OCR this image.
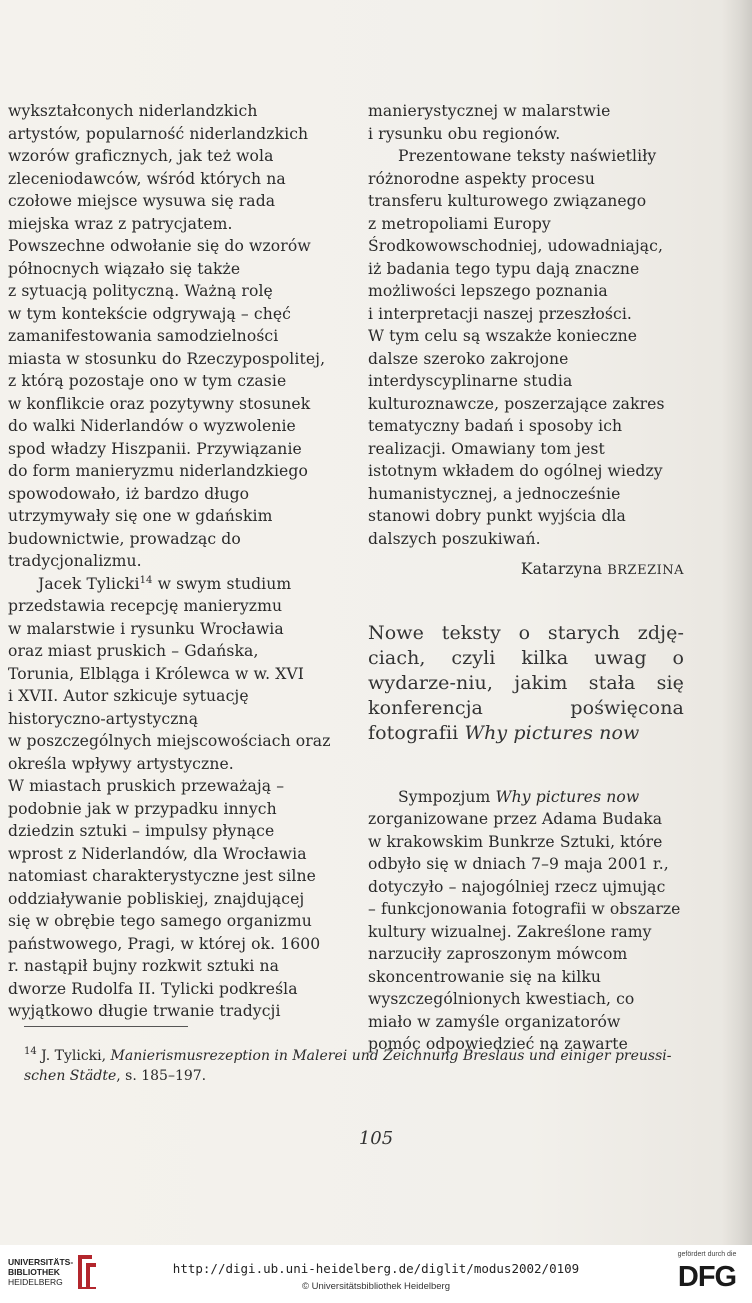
wykształconych niderlandzkich

artystów, popularność niderlandzkich

wzorów graficznych, jak też wola

zleceniodawców, wśród których na

czołowe miejsce wysuwa się rada

miejska wraz z patrycjatem.

Powszechne odwołanie się do wzorów

północnych wiązało się także

z sytuacją polityczną. Ważną rolę

w tym kontekście odgrywają – chęć

zamanifestowania samodzielności

miasta w stosunku do Rzeczypospolitej,

z którą pozostaje ono w tym czasie

w konflikcie oraz pozytywny stosunek

do walki Niderlandów o wyzwolenie

spod władzy Hiszpanii. Przywiązanie

do form manieryzmu niderlandzkiego

spowodowało, iż bardzo długo

utrzymywały się one w gdańskim

budownictwie, prowadząc do

tradycjonalizmu.

Jacek Tylicki$^{14}$ w swym studium

przedstawia recepcję manieryzmu

w malarstwie i rysunku Wrocławia

oraz miast pruskich – Gdańska,

Torunia, Elbląga i Królewca w w. XVI

i XVII. Autor szkicuje sytuację

historyczno-artystyczną

w poszczególnych miejscowościach oraz

określa wpływy artystyczne.

W miastach pruskich przeważają –

podobnie jak w przypadku innych

dziedzin sztuki – impulsy płynące

wprost z Niderlandów, dla Wrocławia

natomiast charakterystyczne jest silne

oddziaływanie pobliskiej, znajdującej

się w obrębie tego samego organizmu

państwowego, Pragi, w której ok. 1600

r. nastąpił bujny rozkwit sztuki na

dworze Rudolfa II. Tylicki podkreśla

wyjątkowo długie trwanie tradycji

manierystycznej w malarstwie

i rysunku obu regionów.

Prezentowane teksty naświetliły

różnorodne aspekty procesu

transferu kulturowego związanego

z metropoliami Europy

Środkowowschodniej, udowadniając,

iż badania tego typu dają znaczne

możliwości lepszego poznania

i interpretacji naszej przeszłości.

W tym celu są wszakże konieczne

dalsze szeroko zakrojone

interdyscyplinarne studia

kulturoznawcze, poszerzające zakres

tematyczny badań i sposoby ich

realizacji. Omawiany tom jest

istotnym wkładem do ogólnej wiedzy

humanistycznej, a jednocześnie

stanowi dobry punkt wyjścia dla

dalszych poszukiwań.

Katarzyna BRZEZINA

Nowe teksty o starych zdję-ciach, czyli kilka uwag o wydarze-niu, jakim stała się konferencja poświęcona fotografii Why pictures now

Sympozjum Why pictures now

zorganizowane przez Adama Budaka

w krakowskim Bunkrze Sztuki, które

odbyło się w dniach 7–9 maja 2001 r.,

dotyczyło – najogólniej rzecz ujmując

– funkcjonowania fotografii w obszarze

kultury wizualnej. Zakreślone ramy

narzuciły zaproszonym mówcom

skoncentrowanie się na kilku

wyszczególnionych kwestiach, co

miało w zamyśle organizatorów

pomóc odpowiedzieć na zawarte

$^{14}$ J. Tylicki, Manierismusrezeption in Malerei und Zeichnung Breslaus und einiger preussi-

schen Städte, s. 185–197.

105
UNIVERSITÄTS-
BIBLIOTHEK
HEIDELBERG
http://digi.ub.uni-heidelberg.de/diglit/modus2002/0109
© Universitätsbibliothek Heidelberg
gefördert durch die
DFG
